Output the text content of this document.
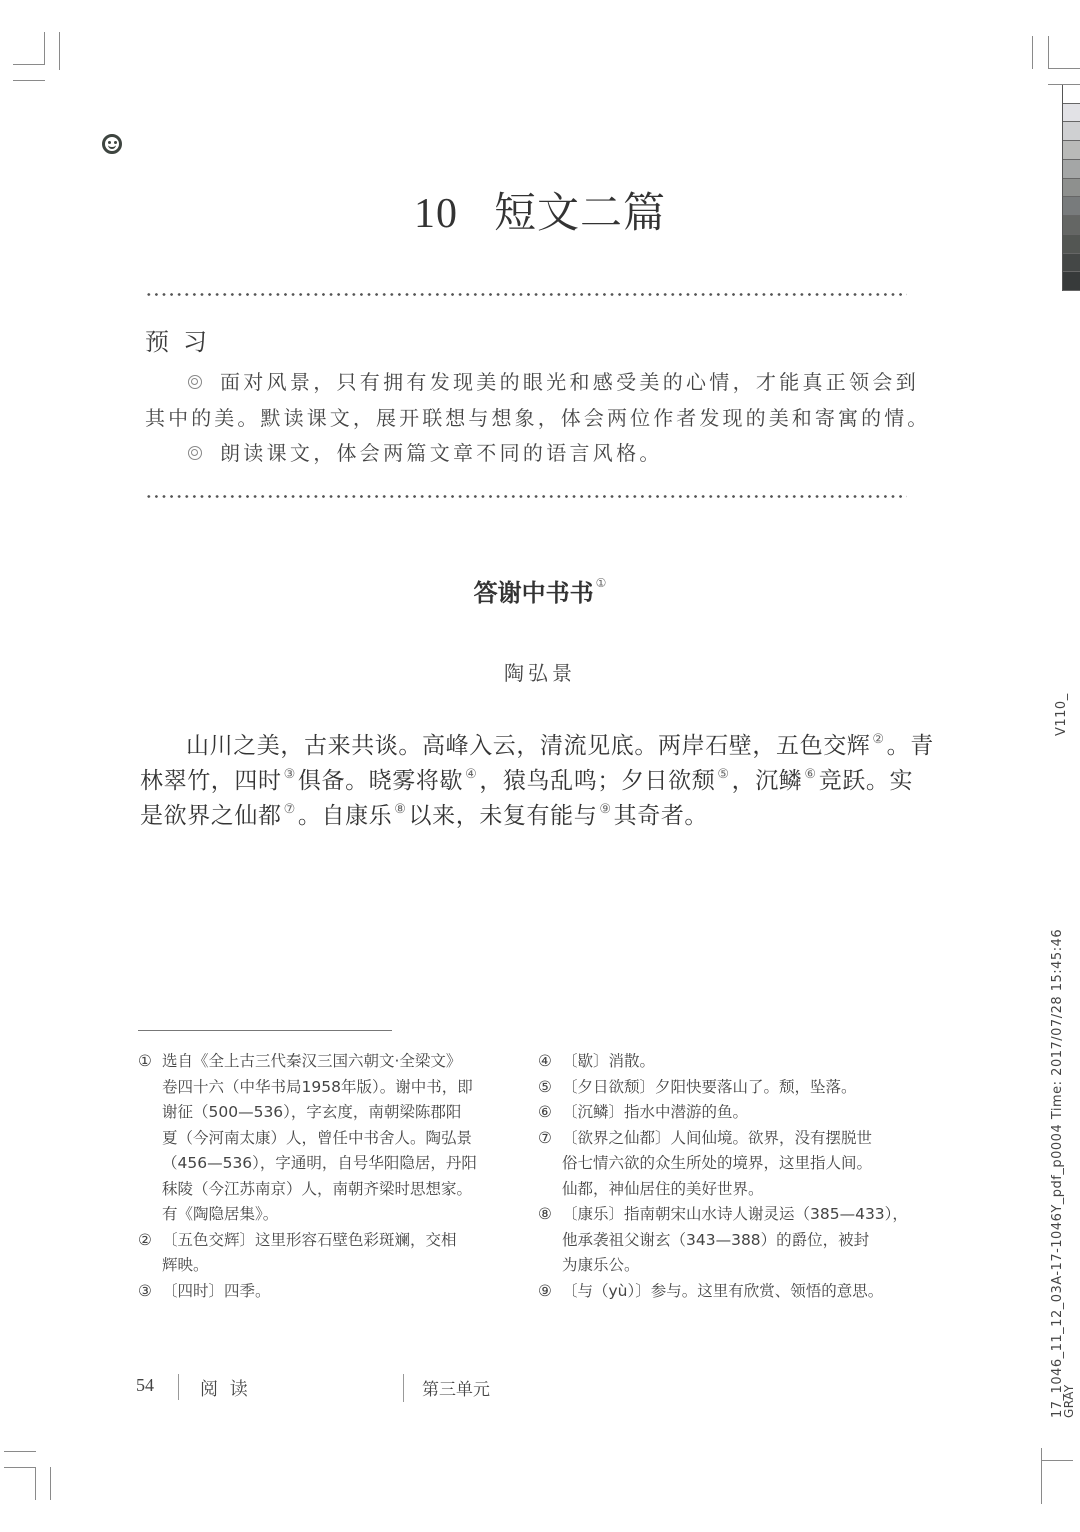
10 短文二篇
预习

面对风景，只有拥有发现美的眼光和感受美的心情，才能真正领会到

其中的美。默读课文，展开联想与想象，体会两位作者发现的美和寄寓的情。

朗读课文，体会两篇文章不同的语言风格。

答谢中书书 ①
陶弘景

山川之美，古来共谈。高峰入云，清流见底。两岸石壁，五色交辉 ②。青

林翠竹，四时 ③俱备。晓雾将歇 ④，猿鸟乱鸣；夕日欲颓 ⑤，沉鳞 ⑥竞跃。实

是欲界之仙都 ⑦。自康乐 ⑧以来，未复有能与 ⑨其奇者。

① 选自《全上古三代秦汉三国六朝文·全梁文》
卷四十六（中华书局1958年版）。谢中书，即
谢征（500—536），字玄度，南朝梁陈郡阳
夏（今河南太康）人，曾任中书舍人。陶弘景
（456—536），字通明，自号华阳隐居，丹阳
秣陵（今江苏南京）人，南朝齐梁时思想家。
有《陶隐居集》。
② 〔五色交辉〕这里形容石壁色彩斑斓，交相
辉映。
③ 〔四时〕四季。
④ 〔歇〕消散。
⑤ 〔夕日欲颓〕夕阳快要落山了。颓，坠落。
⑥ 〔沉鳞〕指水中潜游的鱼。
⑦ 〔欲界之仙都〕人间仙境。欲界，没有摆脱世
俗七情六欲的众生所处的境界，这里指人间。
仙都，神仙居住的美好世界。
⑧ 〔康乐〕指南朝宋山水诗人谢灵运（385—433），
他承袭祖父谢玄（343—388）的爵位，被封
为康乐公。
⑨ 〔与（yù）〕参与。这里有欣赏、领悟的意思。
54	阅 读	第三单元
V110_
17_1046_11_12_03A-17-1046Y_pdf_p0004 Time: 2017/07/28 15:45:46
GRAY
